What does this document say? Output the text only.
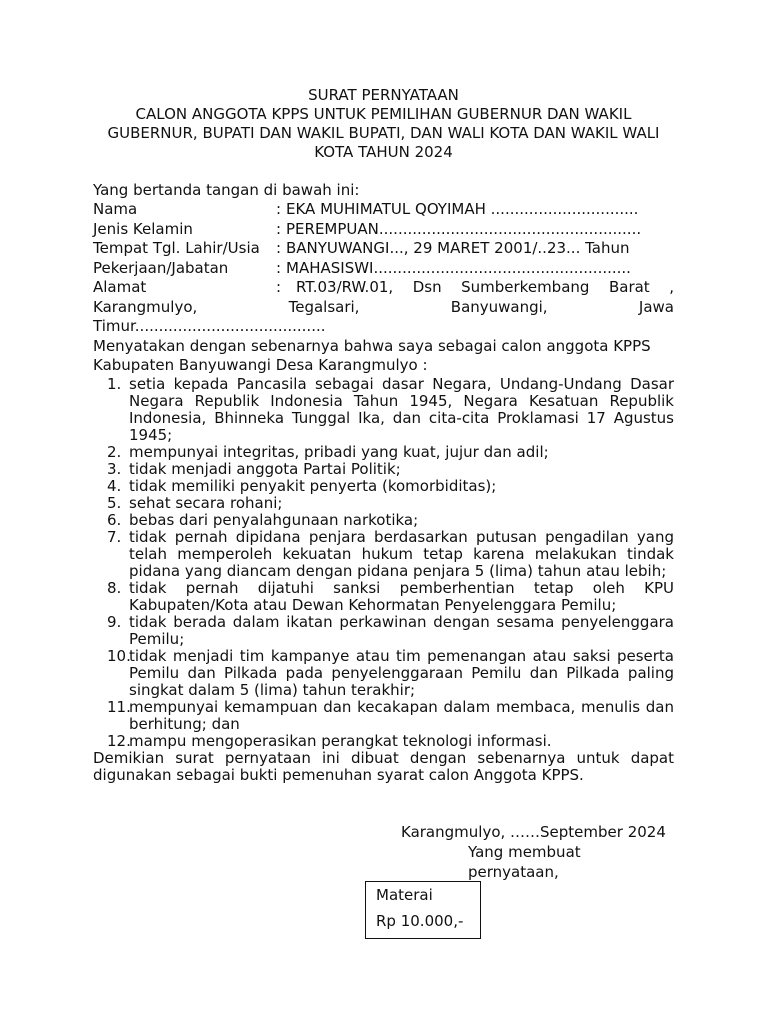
SURAT PERNYATAAN
CALON ANGGOTA KPPS UNTUK PEMILIHAN GUBERNUR DAN WAKIL
GUBERNUR, BUPATI DAN WAKIL BUPATI, DAN WALI KOTA DAN WAKIL WALI
KOTA TAHUN 2024
Yang bertanda tangan di bawah ini:
Nama	: EKA MUHIMATUL QOYIMAH ...............................
Jenis Kelamin	: PEREMPUAN.......................................................
Tempat Tgl. Lahir/Usia	: BANYUWANGI..., 29 MARET 2001/..23... Tahun
Pekerjaan/Jabatan	: MAHASISWI......................................................
Alamat	: RT.03/RW.01, Dsn Sumberkembang Barat ,
Karangmulyo, Tegalsari, Banyuwangi, Jawa
Timur........................................
Menyatakan dengan sebenarnya bahwa saya sebagai calon anggota KPPS
Kabupaten Banyuwangi Desa Karangmulyo :
1. setia kepada Pancasila sebagai dasar Negara, Undang-Undang Dasar Negara Republik Indonesia Tahun 1945, Negara Kesatuan Republik Indonesia, Bhinneka Tunggal Ika, dan cita-cita Proklamasi 17 Agustus 1945;
2. mempunyai integritas, pribadi yang kuat, jujur dan adil;
3. tidak menjadi anggota Partai Politik;
4. tidak memiliki penyakit penyerta (komorbiditas);
5. sehat secara rohani;
6. bebas dari penyalahgunaan narkotika;
7. tidak pernah dipidana penjara berdasarkan putusan pengadilan yang telah memperoleh kekuatan hukum tetap karena melakukan tindak pidana yang diancam dengan pidana penjara 5 (lima) tahun atau lebih;
8. tidak pernah dijatuhi sanksi pemberhentian tetap oleh KPU Kabupaten/Kota atau Dewan Kehormatan Penyelenggara Pemilu;
9. tidak berada dalam ikatan perkawinan dengan sesama penyelenggara Pemilu;
10.
tidak menjadi tim kampanye atau tim pemenangan atau saksi peserta Pemilu dan Pilkada pada penyelenggaraan Pemilu dan Pilkada paling singkat dalam 5 (lima) tahun terakhir;
11.
mempunyai kemampuan dan kecakapan dalam membaca, menulis dan berhitung; dan
12.
mampu mengoperasikan perangkat teknologi informasi.
Demikian surat pernyataan ini dibuat dengan sebenarnya untuk dapat digunakan sebagai bukti pemenuhan syarat calon Anggota KPPS.
Karangmulyo, ……September 2024
Yang membuat
pernyataan,
Materai
Rp 10.000,-
